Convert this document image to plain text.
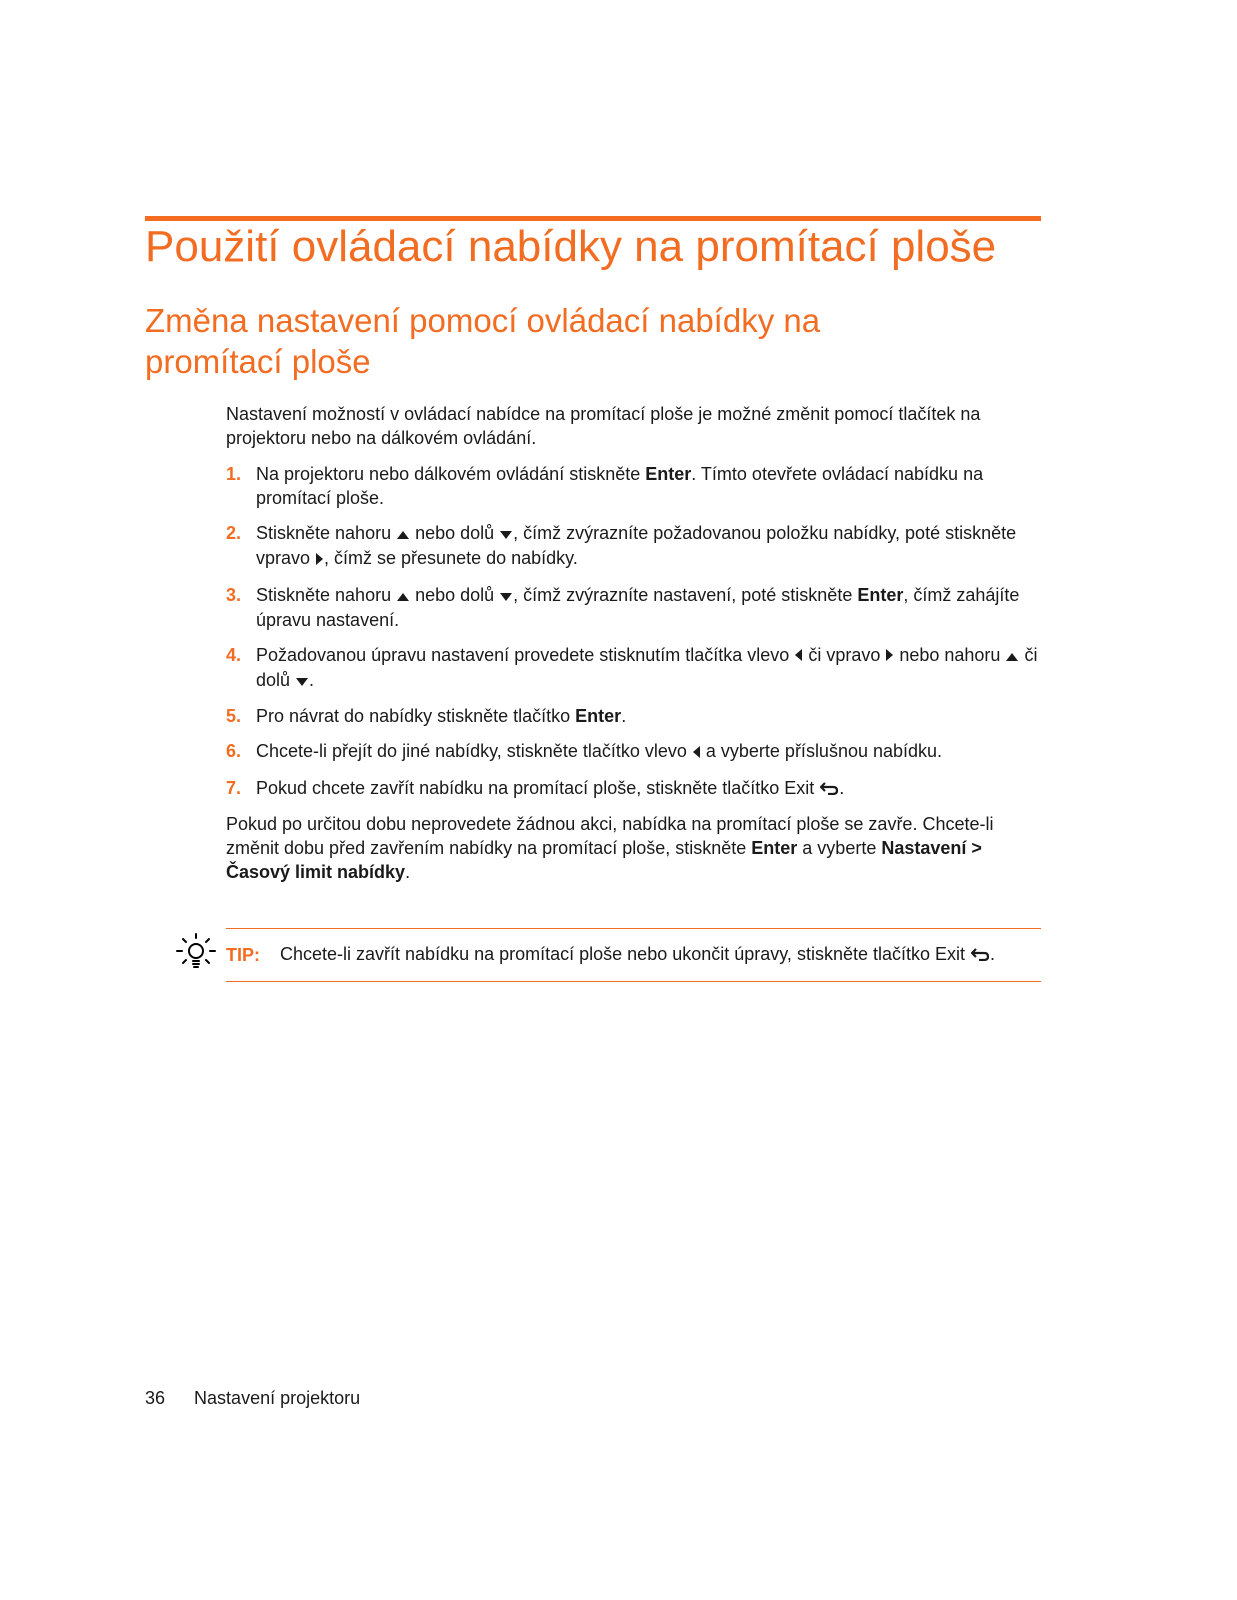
Použití ovládací nabídky na promítací ploše
Změna nastavení pomocí ovládací nabídky na promítací ploše

Nastavení možností v ovládací nabídce na promítací ploše je možné změnit pomocí tlačítek na projektoru nebo na dálkovém ovládání.

1. Na projektoru nebo dálkovém ovládání stiskněte Enter. Tímto otevřete ovládací nabídku na promítací ploše.
2. Stiskněte nahoru  nebo dolů , čímž zvýrazníte požadovanou položku nabídky, poté stiskněte vpravo , čímž se přesunete do nabídky.
3. Stiskněte nahoru  nebo dolů , čímž zvýrazníte nastavení, poté stiskněte Enter, čímž zahájíte úpravu nastavení.
4. Požadovanou úpravu nastavení provedete stisknutím tlačítka vlevo  či vpravo  nebo nahoru  či dolů .
5. Pro návrat do nabídky stiskněte tlačítko Enter.
6. Chcete-li přejít do jiné nabídky, stiskněte tlačítko vlevo  a vyberte příslušnou nabídku.
7. Pokud chcete zavřít nabídku na promítací ploše, stiskněte tlačítko Exit .

Pokud po určitou dobu neprovedete žádnou akci, nabídka na promítací ploše se zavře. Chcete-li změnit dobu před zavřením nabídky na promítací ploše, stiskněte Enter a vyberte Nastavení > Časový limit nabídky.

TIP: Chcete-li zavřít nabídku na promítací ploše nebo ukončit úpravy, stiskněte tlačítko Exit .
36 Nastavení projektoru
